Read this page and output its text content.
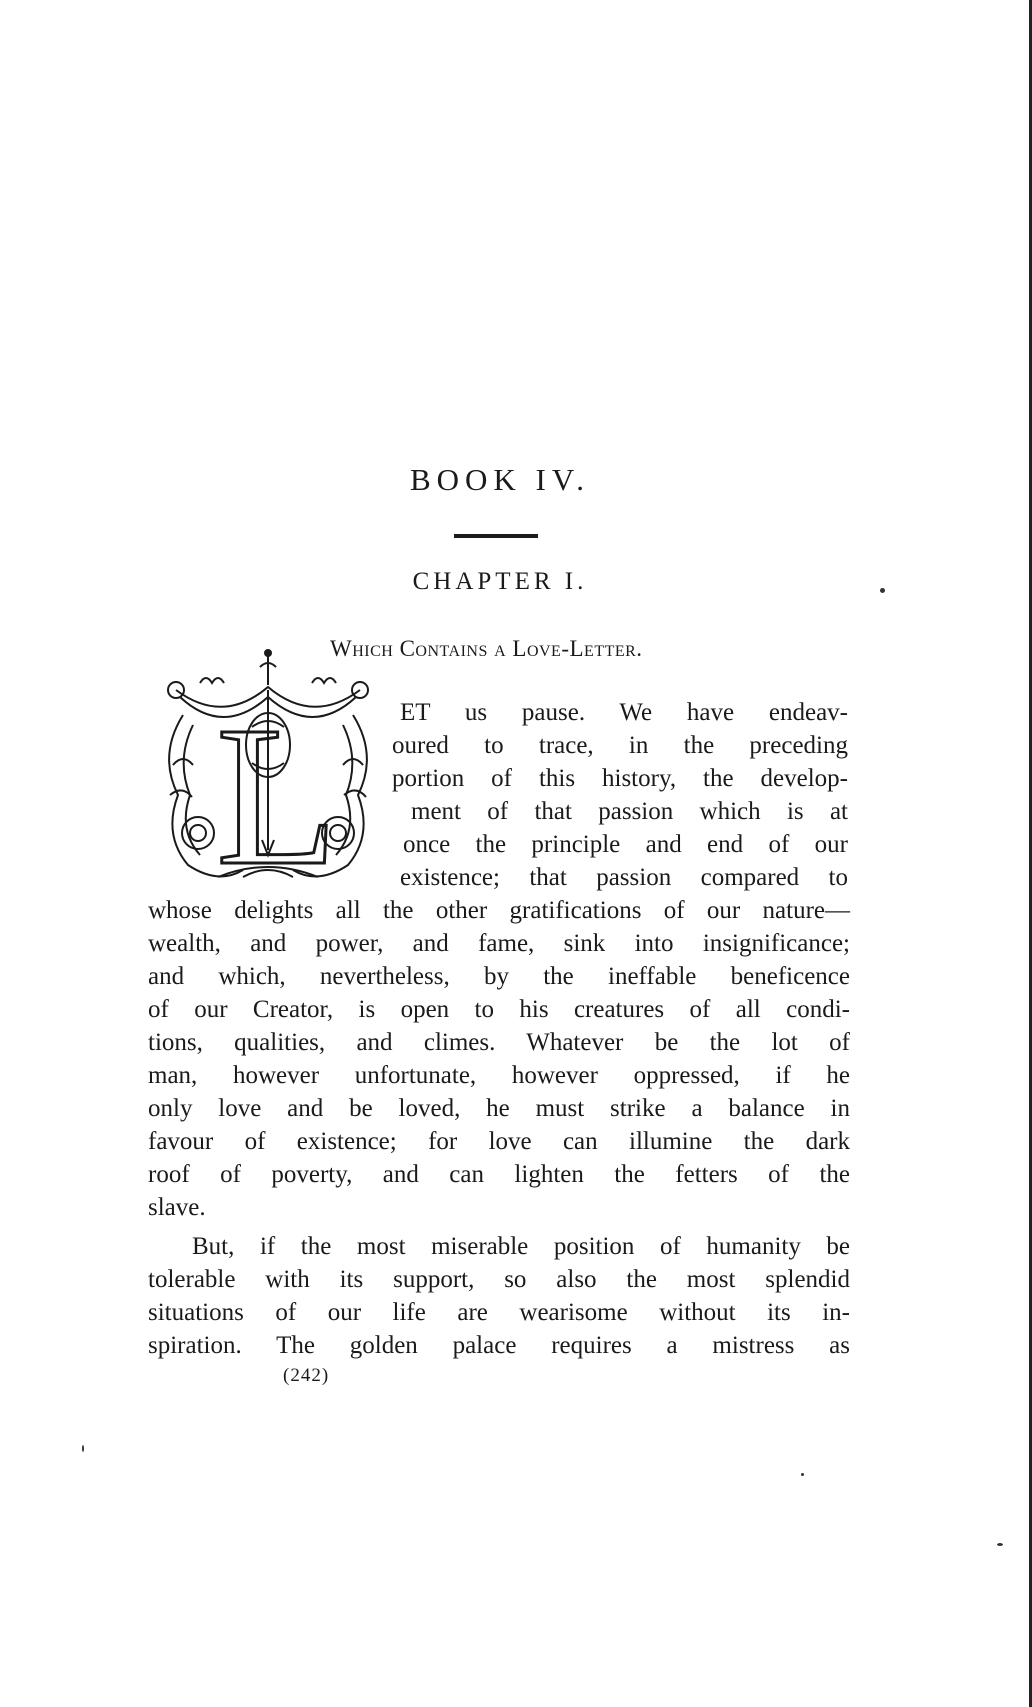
BOOK IV.
CHAPTER I.
Which Contains a Love-Letter.
L ET us pause. We have endeav-
oured to trace, in the preceding
portion of this history, the develop-
ment of that passion which is at
once the principle and end of our
existence; that passion compared to
whose delights all the other gratifications of our nature—
wealth, and power, and fame, sink into insignificance;
and which, nevertheless, by the ineffable beneficence
of our Creator, is open to his creatures of all condi-
tions, qualities, and climes. Whatever be the lot of
man, however unfortunate, however oppressed, if he
only love and be loved, he must strike a balance in
favour of existence; for love can illumine the dark
roof of poverty, and can lighten the fetters of the
slave.
But, if the most miserable position of humanity be
tolerable with its support, so also the most splendid
situations of our life are wearisome without its in-
spiration. The golden palace requires a mistress as
(242)
